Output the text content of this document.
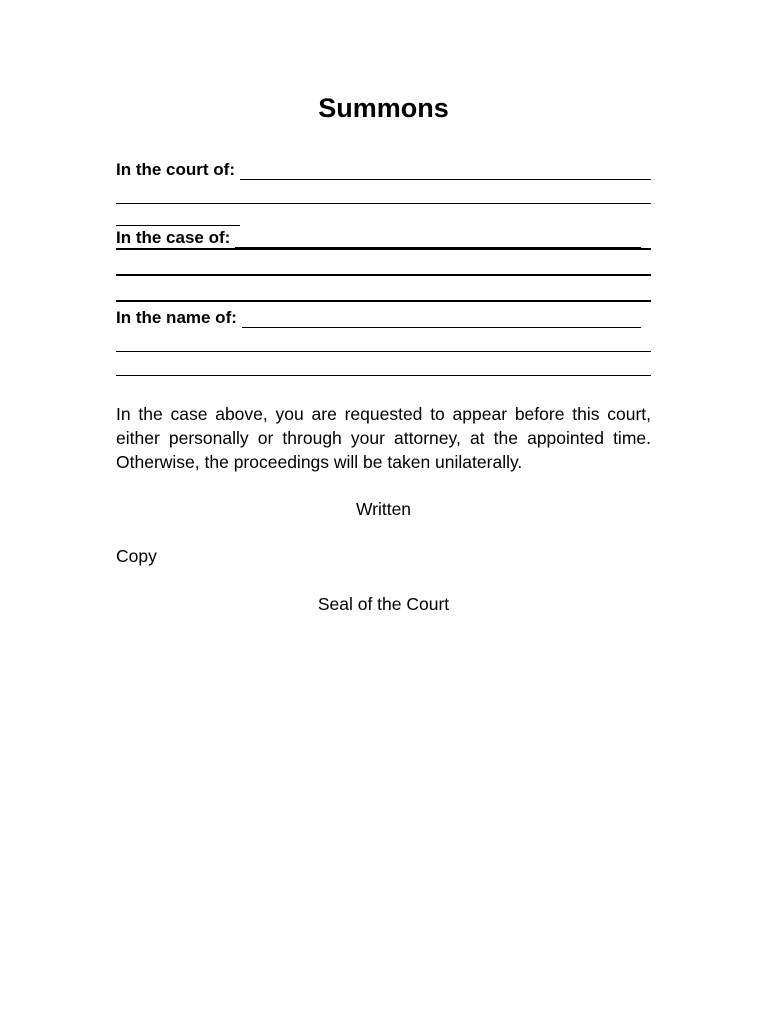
Summons
In the court of:
In the case of:
In the name of:

In the case above, you are requested to appear before this court, either personally or through your attorney, at the appointed time. Otherwise, the proceedings will be taken unilaterally.

Written
Copy
Seal of the Court
